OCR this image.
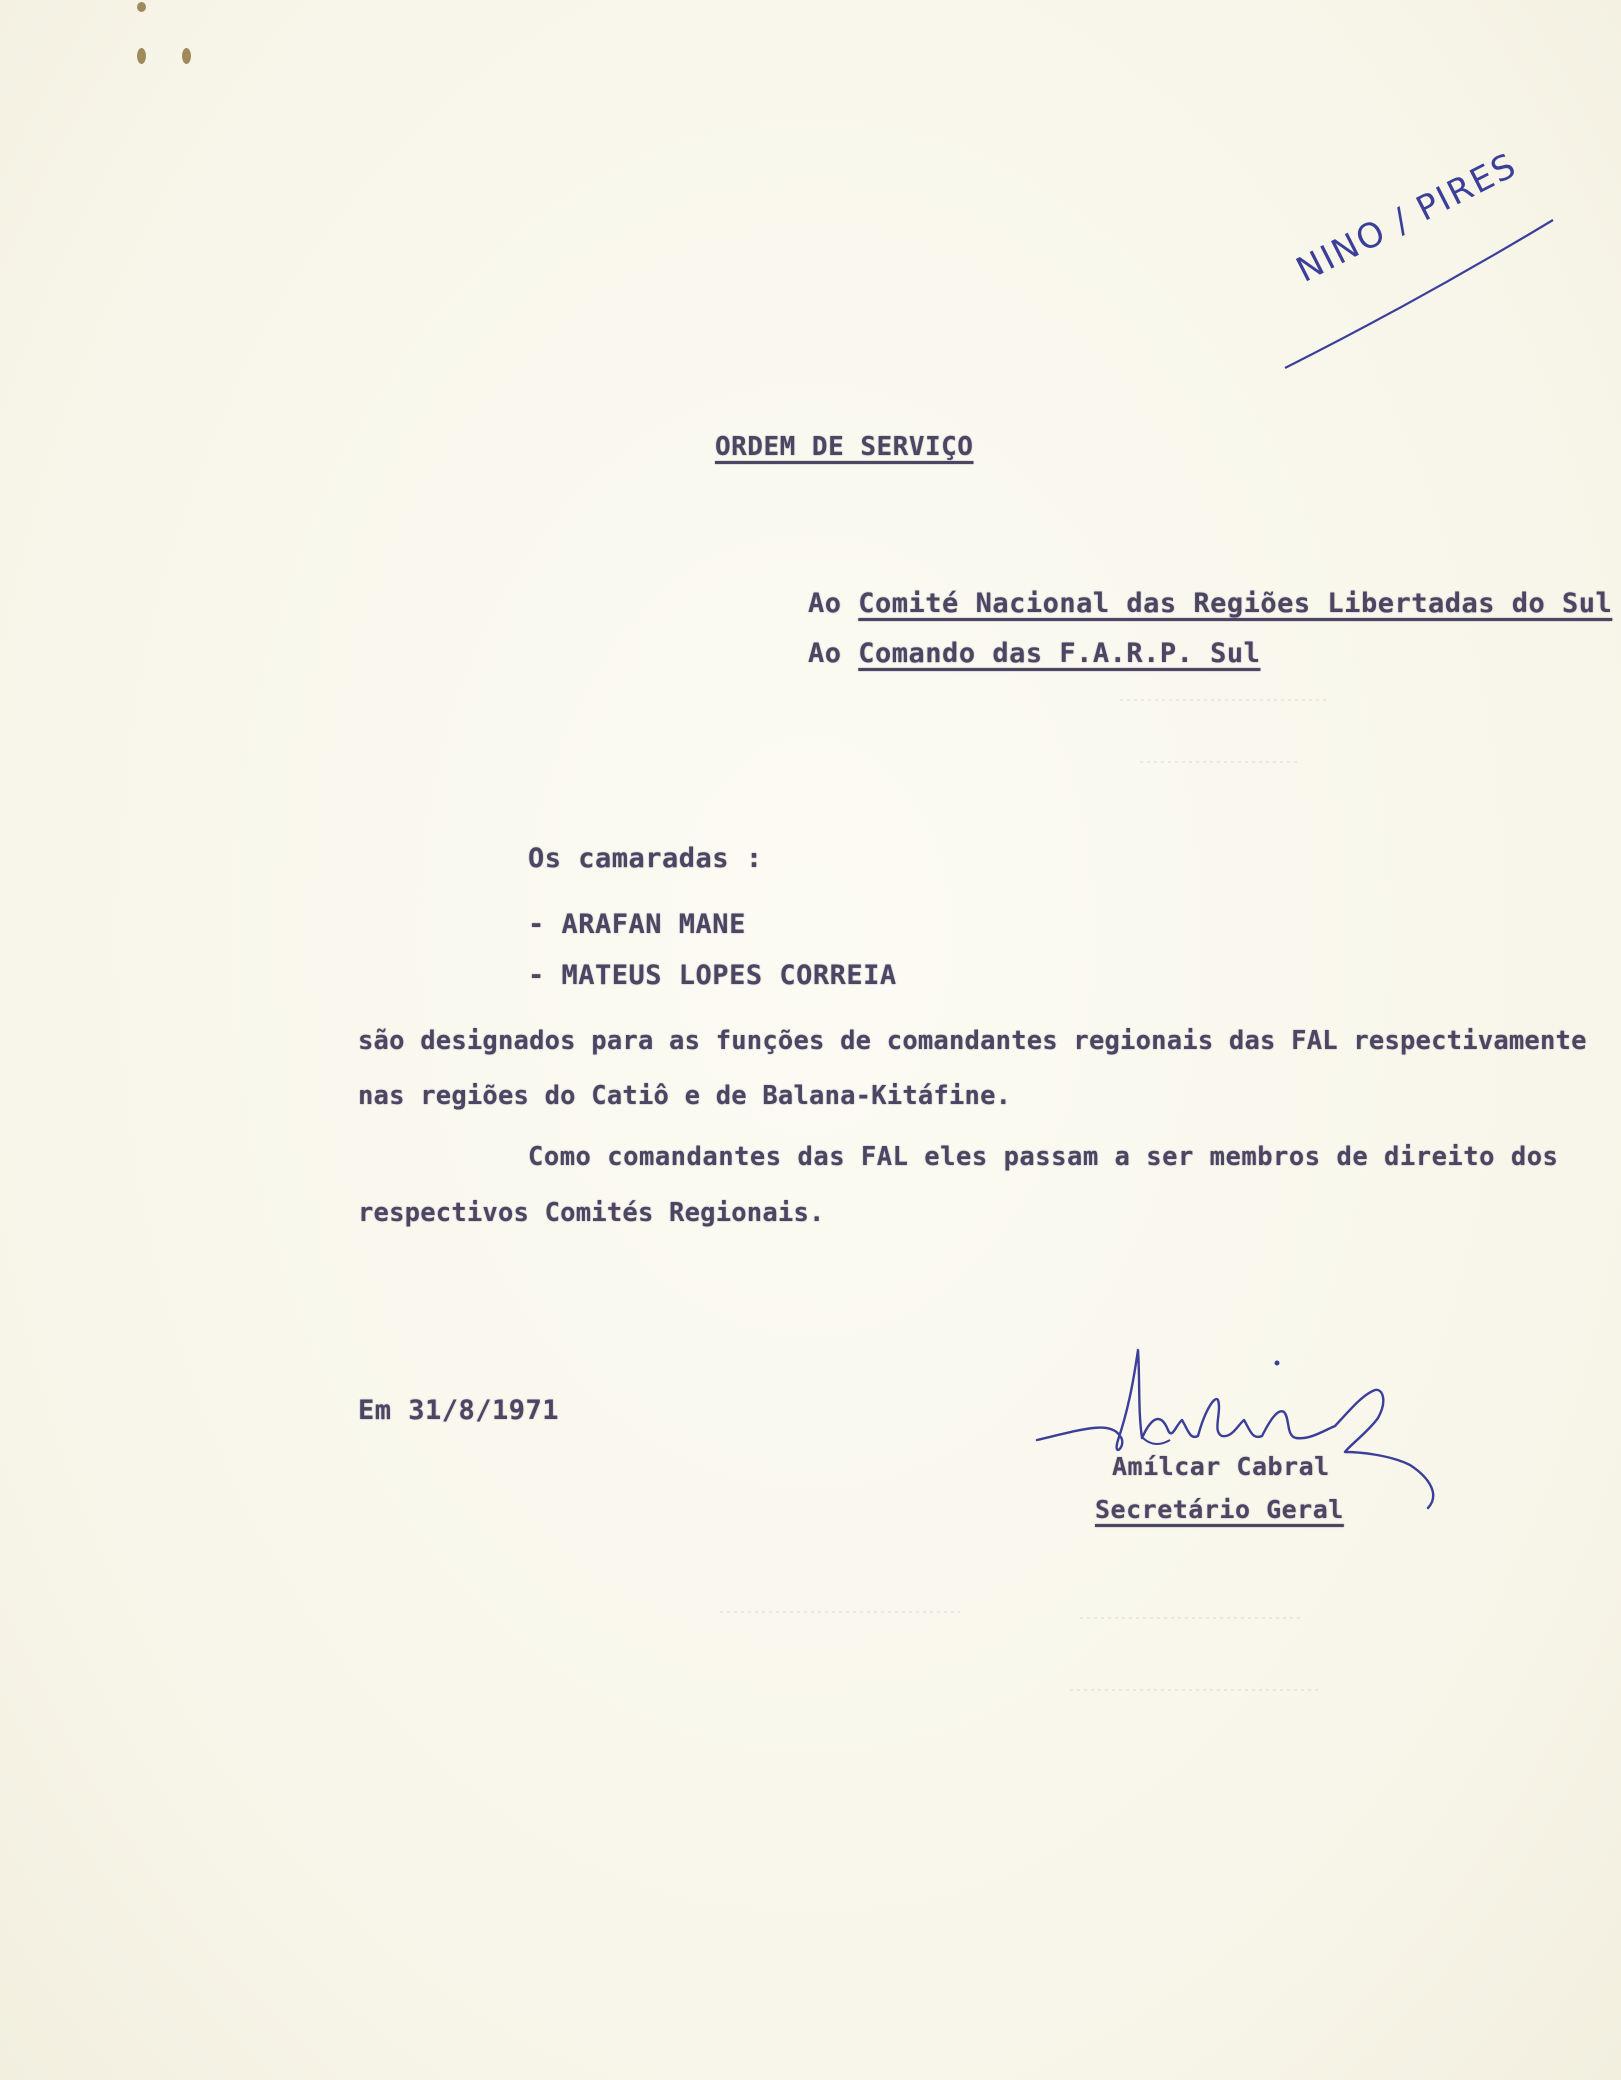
NINO / PIRES
ORDEM DE SERVIÇO
Ao Comité Nacional das Regiões Libertadas do Sul
Ao Comando das F.A.R.P. Sul
Os camaradas :
- ARAFAN MANE
- MATEUS LOPES CORREIA
são designados para as funções de comandantes regionais das FAL respectivamente
nas regiões do Catiô e de Balana-Kitáfine.
Como comandantes das FAL eles passam a ser membros de direito dos
respectivos Comités Regionais.
Em 31/8/1971
Amílcar Cabral
Secretário Geral
